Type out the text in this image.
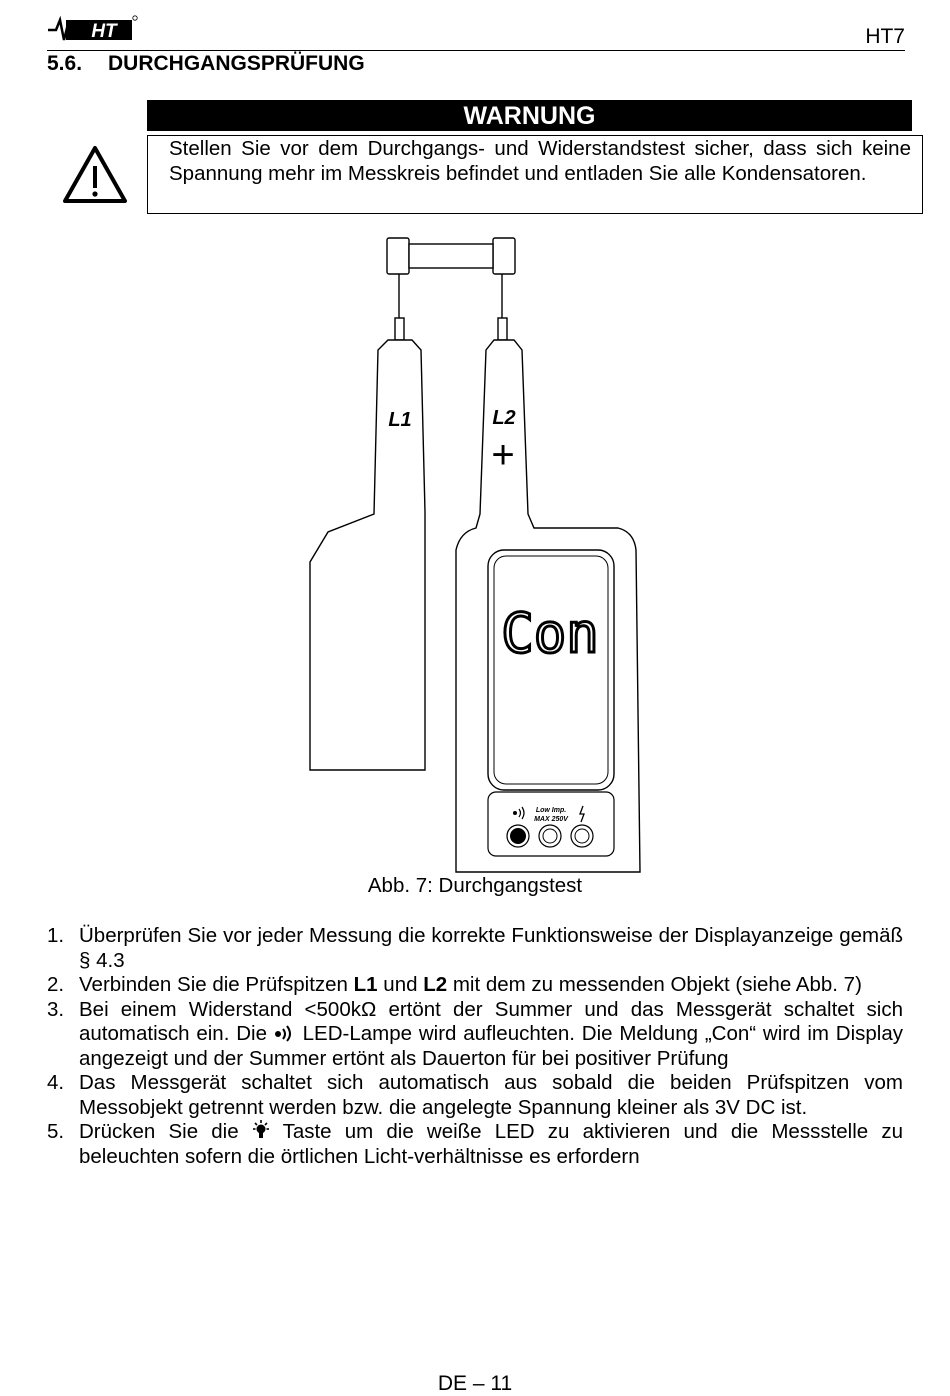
HT	HT7
5.6. DURCHGANGSPRÜFUNG
WARNUNG
Stellen Sie vor dem Durchgangs- und Widerstandstest sicher, dass sich keine Spannung mehr im Messkreis befindet und entladen Sie alle Kondensatoren.
L1	L2
+
Con
Low Imp.
MAX 250V
Abb. 7: Durchgangstest
1. Überprüfen Sie vor jeder Messung die korrekte Funktionsweise der Displayanzeige gemäß § 4.3
2. Verbinden Sie die Prüfspitzen L1 und L2 mit dem zu messenden Objekt (siehe Abb. 7)
3. Bei einem Widerstand <500kΩ ertönt der Summer und das Messgerät schaltet sich automatisch ein. Die  LED-Lampe wird aufleuchten. Die Meldung „Con“ wird im Display angezeigt und der Summer ertönt als Dauerton für bei positiver Prüfung
4. Das Messgerät schaltet sich automatisch aus sobald die beiden Prüfspitzen vom Messobjekt getrennt werden bzw. die angelegte Spannung kleiner als 3V DC ist.
5. Drücken Sie die  Taste um die weiße LED zu aktivieren und die Messstelle zu beleuchten sofern die örtlichen Licht-verhältnisse es erfordern
DE – 11
